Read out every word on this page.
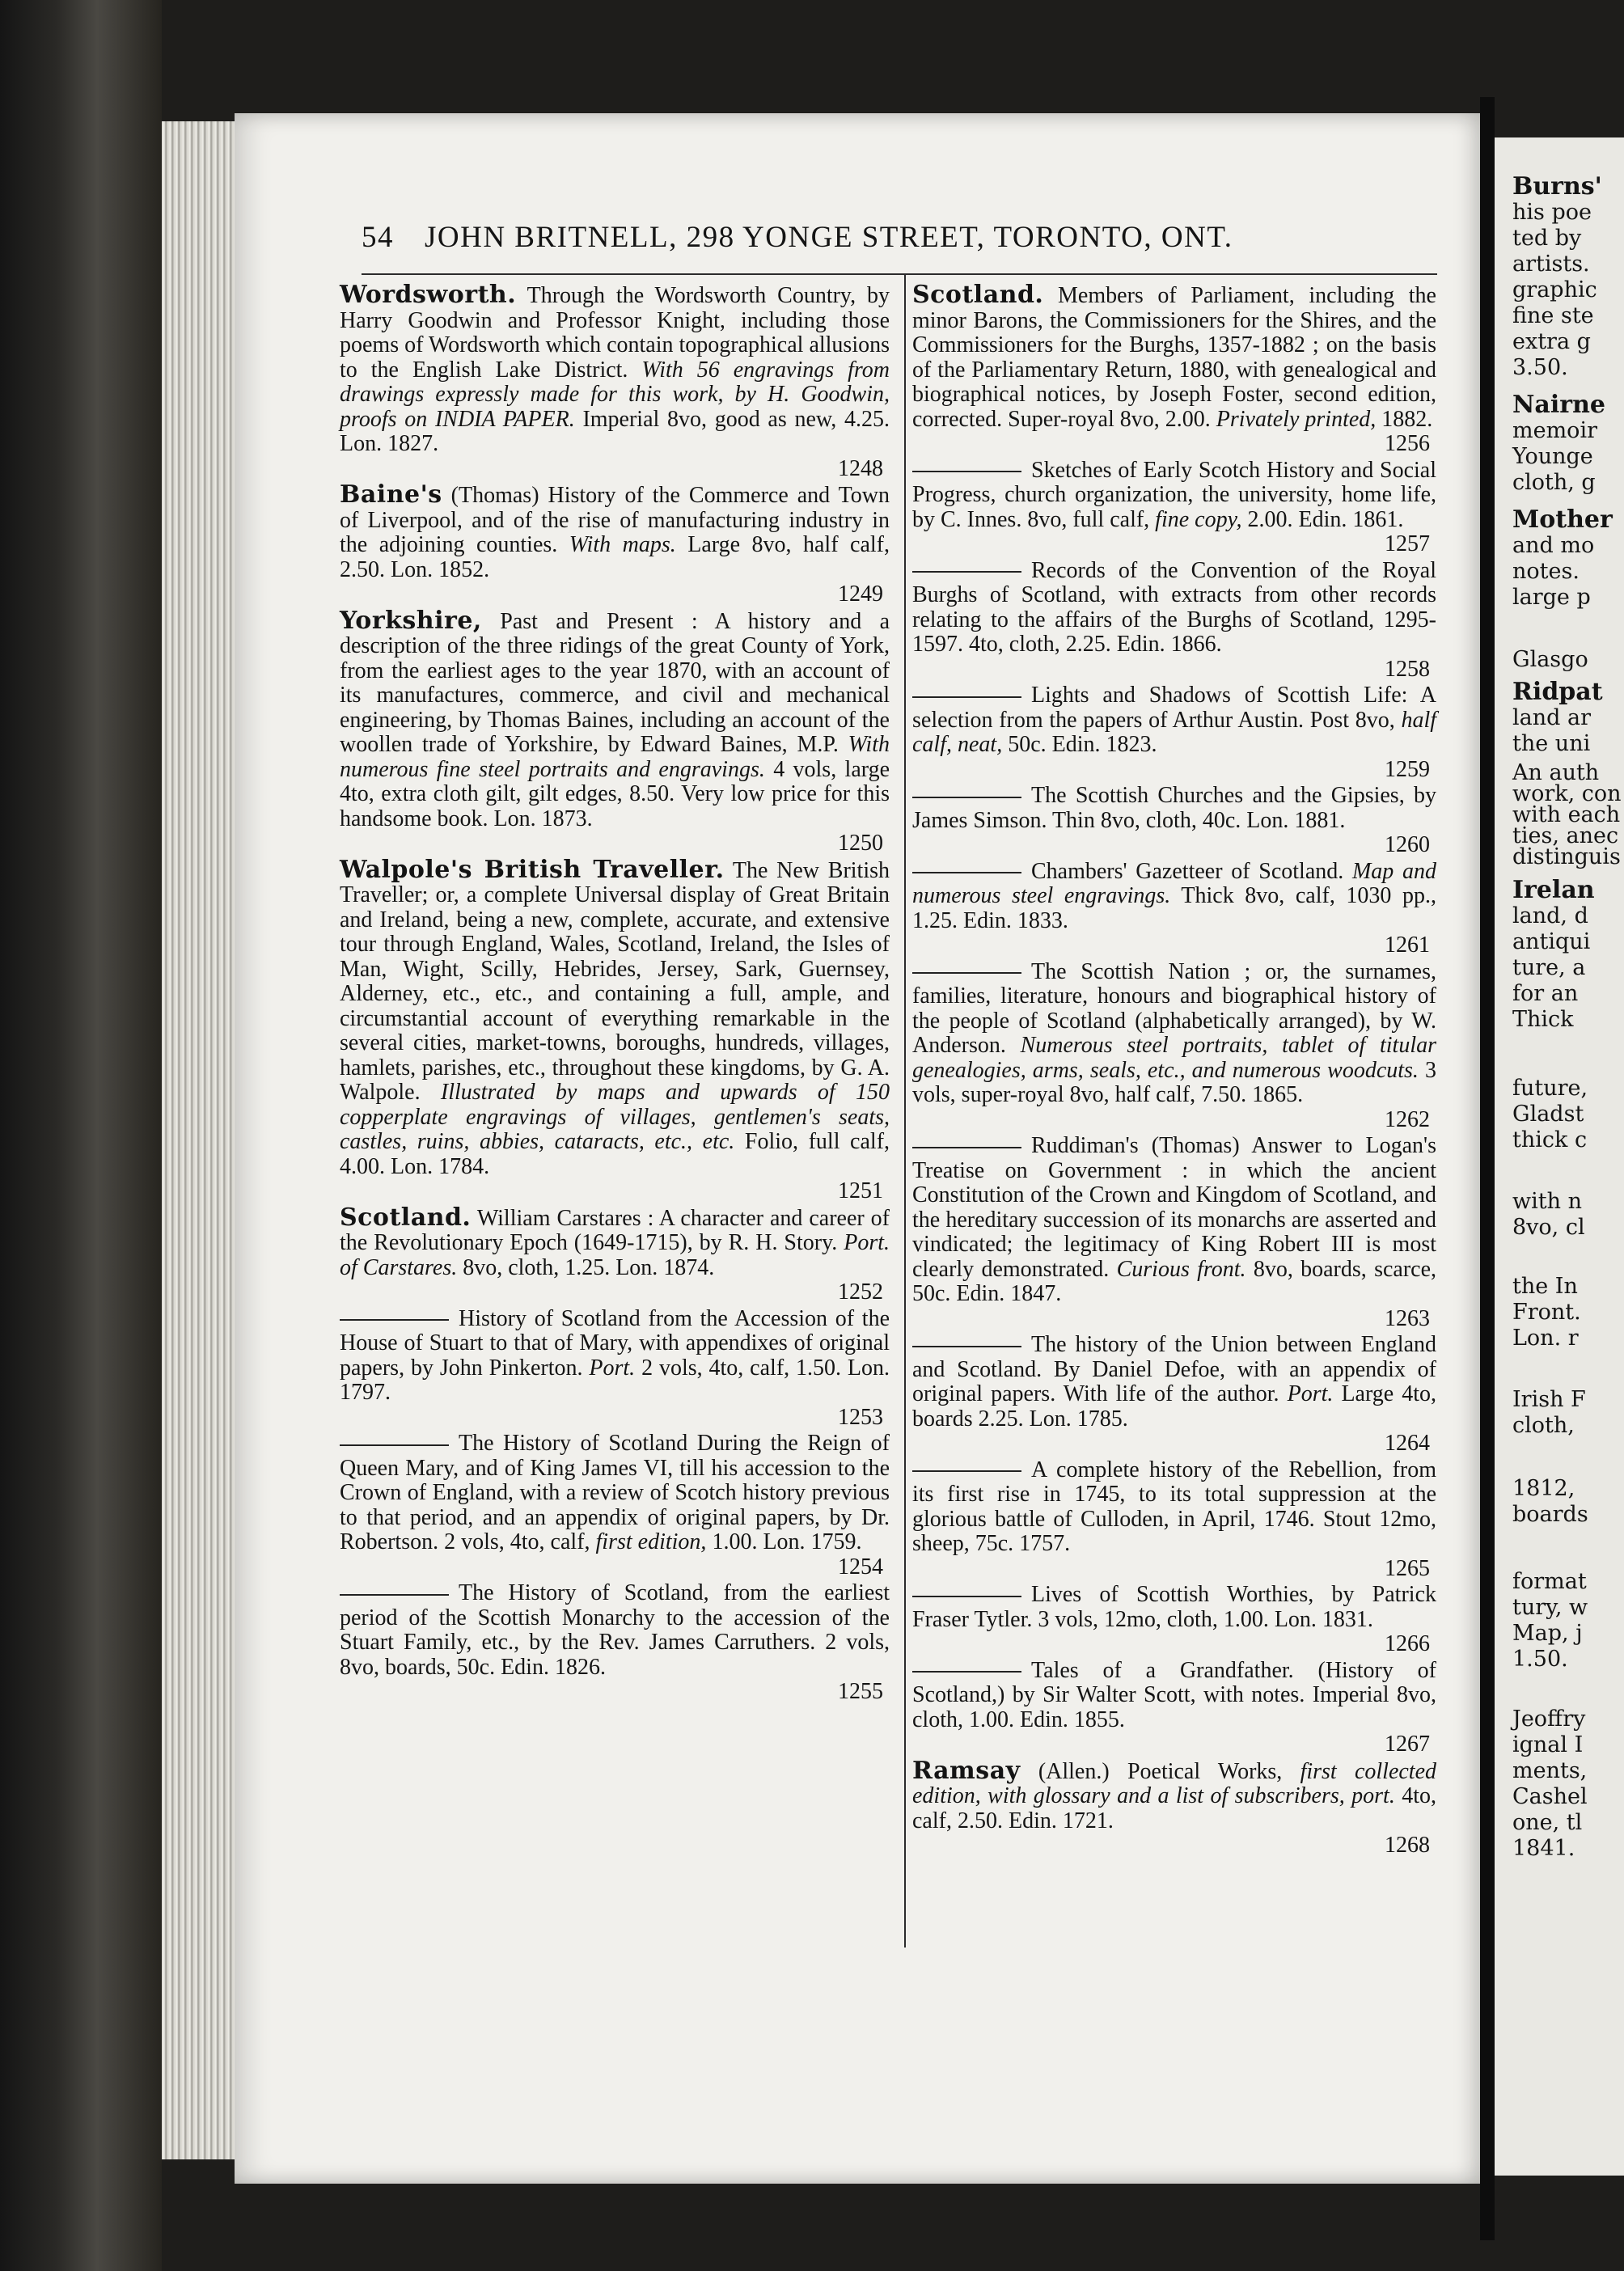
Burns'
his poe
ted by
artists.
graphic
fine ste
extra g
3.50.
Nairne
memoir
Younge
cloth, g
Mother
and mo
notes.
large p
Glasgo
Ridpat
land ar
the uni
An auth
work, con
with each
ties, anec
distinguis
Irelan
land, d
antiqui
ture, a
for an
Thick
future,
Gladst
thick c
with n
8vo, cl
the In
Front.
Lon. r
Irish F
cloth,
1812,
boards
format
tury, w
Map, j
1.50.
Jeoffry
ignal I
ments,
Cashel
one, tl
1841.
54 JOHN BRITNELL, 298 YONGE STREET, TORONTO, ONT.
Wordsworth. Through the Wordsworth Country, by Harry Goodwin and Professor Knight, including those poems of Wordsworth which contain topographical allusions to the English Lake District. With 56 engravings from drawings expressly made for this work, by H. Goodwin, proofs on INDIA PAPER. Imperial 8vo, good as new, 4.25. Lon. 1827.
1248
Baine's (Thomas) History of the Commerce and Town of Liverpool, and of the rise of manufacturing industry in the adjoining counties. With maps. Large 8vo, half calf, 2.50. Lon. 1852.
1249
Yorkshire, Past and Present : A history and a description of the three ridings of the great County of York, from the earliest ages to the year 1870, with an account of its manufactures, commerce, and civil and mechanical engineering, by Thomas Baines, including an account of the woollen trade of Yorkshire, by Edward Baines, M.P. With numerous fine steel portraits and engravings. 4 vols, large 4to, extra cloth gilt, gilt edges, 8.50. Very low price for this handsome book. Lon. 1873.
1250
Walpole's British Traveller. The New British Traveller; or, a complete Universal display of Great Britain and Ireland, being a new, complete, accurate, and extensive tour through England, Wales, Scotland, Ireland, the Isles of Man, Wight, Scilly, Hebrides, Jersey, Sark, Guernsey, Alderney, etc., etc., and containing a full, ample, and circumstantial account of everything remarkable in the several cities, market-towns, boroughs, hundreds, villages, hamlets, parishes, etc., throughout these kingdoms, by G. A. Walpole. Illustrated by maps and upwards of 150 copperplate engravings of villages, gentlemen's seats, castles, ruins, abbies, cataracts, etc., etc. Folio, full calf, 4.00. Lon. 1784.
1251
Scotland. William Carstares : A character and career of the Revolutionary Epoch (1649-1715), by R. H. Story. Port. of Carstares. 8vo, cloth, 1.25. Lon. 1874.
1252
History of Scotland from the Accession of the House of Stuart to that of Mary, with appendixes of original papers, by John Pinkerton. Port. 2 vols, 4to, calf, 1.50. Lon. 1797.
1253
The History of Scotland During the Reign of Queen Mary, and of King James VI, till his accession to the Crown of England, with a review of Scotch history previous to that period, and an appendix of original papers, by Dr. Robertson. 2 vols, 4to, calf, first edition, 1.00. Lon. 1759.
1254
The History of Scotland, from the earliest period of the Scottish Monarchy to the accession of the Stuart Family, etc., by the Rev. James Carruthers. 2 vols, 8vo, boards, 50c. Edin. 1826.
1255
Scotland. Members of Parliament, including the minor Barons, the Commissioners for the Shires, and the Commissioners for the Burghs, 1357-1882 ; on the basis of the Parliamentary Return, 1880, with genealogical and biographical notices, by Joseph Foster, second edition, corrected. Super-royal 8vo, 2.00. Privately printed, 1882.
1256
Sketches of Early Scotch History and Social Progress, church organization, the university, home life, by C. Innes. 8vo, full calf, fine copy, 2.00. Edin. 1861.
1257
Records of the Convention of the Royal Burghs of Scotland, with extracts from other records relating to the affairs of the Burghs of Scotland, 1295-1597. 4to, cloth, 2.25. Edin. 1866.
1258
Lights and Shadows of Scottish Life: A selection from the papers of Arthur Austin. Post 8vo, half calf, neat, 50c. Edin. 1823.
1259
The Scottish Churches and the Gipsies, by James Simson. Thin 8vo, cloth, 40c. Lon. 1881.
1260
Chambers' Gazetteer of Scotland. Map and numerous steel engravings. Thick 8vo, calf, 1030 pp., 1.25. Edin. 1833.
1261
The Scottish Nation ; or, the surnames, families, literature, honours and biographical history of the people of Scotland (alphabetically arranged), by W. Anderson. Numerous steel portraits, tablet of titular genealogies, arms, seals, etc., and numerous woodcuts. 3 vols, super-royal 8vo, half calf, 7.50. 1865.
1262
Ruddiman's (Thomas) Answer to Logan's Treatise on Government : in which the ancient Constitution of the Crown and Kingdom of Scotland, and the hereditary succession of its monarchs are asserted and vindicated; the legitimacy of King Robert III is most clearly demonstrated. Curious front. 8vo, boards, scarce, 50c. Edin. 1847.
1263
The history of the Union between England and Scotland. By Daniel Defoe, with an appendix of original papers. With life of the author. Port. Large 4to, boards 2.25. Lon. 1785.
1264
A complete history of the Rebellion, from its first rise in 1745, to its total suppression at the glorious battle of Culloden, in April, 1746. Stout 12mo, sheep, 75c. 1757.
1265
Lives of Scottish Worthies, by Patrick Fraser Tytler. 3 vols, 12mo, cloth, 1.00. Lon. 1831.
1266
Tales of a Grandfather. (History of Scotland,) by Sir Walter Scott, with notes. Imperial 8vo, cloth, 1.00. Edin. 1855.
1267
Ramsay (Allen.) Poetical Works, first collected edition, with glossary and a list of subscribers, port. 4to, calf, 2.50. Edin. 1721.
1268
